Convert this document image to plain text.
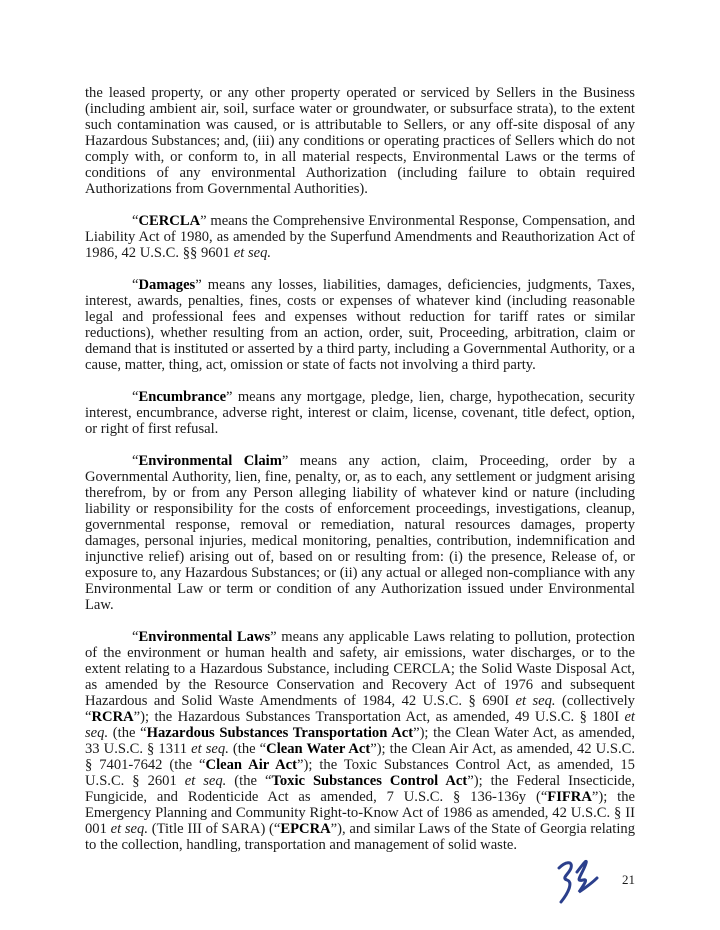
the leased property, or any other property operated or serviced by Sellers in the Business (including ambient air, soil, surface water or groundwater, or subsurface strata), to the extent such contamination was caused, or is attributable to Sellers, or any off-site disposal of any Hazardous Substances; and, (iii) any conditions or operating practices of Sellers which do not comply with, or conform to, in all material respects, Environmental Laws or the terms of conditions of any environmental Authorization (including failure to obtain required Authorizations from Governmental Authorities).

“CERCLA” means the Comprehensive Environmental Response, Compensation, and Liability Act of 1980, as amended by the Superfund Amendments and Reauthorization Act of 1986, 42 U.S.C. §§ 9601 et seq.

“Damages” means any losses, liabilities, damages, deficiencies, judgments, Taxes, interest, awards, penalties, fines, costs or expenses of whatever kind (including reasonable legal and professional fees and expenses without reduction for tariff rates or similar reductions), whether resulting from an action, order, suit, Proceeding, arbitration, claim or demand that is instituted or asserted by a third party, including a Governmental Authority, or a cause, matter, thing, act, omission or state of facts not involving a third party.

“Encumbrance” means any mortgage, pledge, lien, charge, hypothecation, security interest, encumbrance, adverse right, interest or claim, license, covenant, title defect, option, or right of first refusal.

“Environmental Claim” means any action, claim, Proceeding, order by a Governmental Authority, lien, fine, penalty, or, as to each, any settlement or judgment arising therefrom, by or from any Person alleging liability of whatever kind or nature (including liability or responsibility for the costs of enforcement proceedings, investigations, cleanup, governmental response, removal or remediation, natural resources damages, property damages, personal injuries, medical monitoring, penalties, contribution, indemnification and injunctive relief) arising out of, based on or resulting from: (i) the presence, Release of, or exposure to, any Hazardous Substances; or (ii) any actual or alleged non-compliance with any Environmental Law or term or condition of any Authorization issued under Environmental Law.

“Environmental Laws” means any applicable Laws relating to pollution, protection of the environment or human health and safety, air emissions, water discharges, or to the extent relating to a Hazardous Substance, including CERCLA; the Solid Waste Disposal Act, as amended by the Resource Conservation and Recovery Act of 1976 and subsequent Hazardous and Solid Waste Amendments of 1984, 42 U.S.C. § 690I et seq. (collectively “RCRA”); the Hazardous Substances Transportation Act, as amended, 49 U.S.C. § 180I et seq. (the “Hazardous Substances Transportation Act”); the Clean Water Act, as amended, 33 U.S.C. § 1311 et seq. (the “Clean Water Act”); the Clean Air Act, as amended, 42 U.S.C. § 7401-7642 (the “Clean Air Act”); the Toxic Substances Control Act, as amended, 15 U.S.C. § 2601 et seq. (the “Toxic Substances Control Act”); the Federal Insecticide, Fungicide, and Rodenticide Act as amended, 7 U.S.C. § 136-136y (“FIFRA”); the Emergency Planning and Community Right-to-Know Act of 1986 as amended, 42 U.S.C. § II 001 et seq. (Title III of SARA) (“EPCRA”), and similar Laws of the State of Georgia relating to the collection, handling, transportation and management of solid waste.

21
